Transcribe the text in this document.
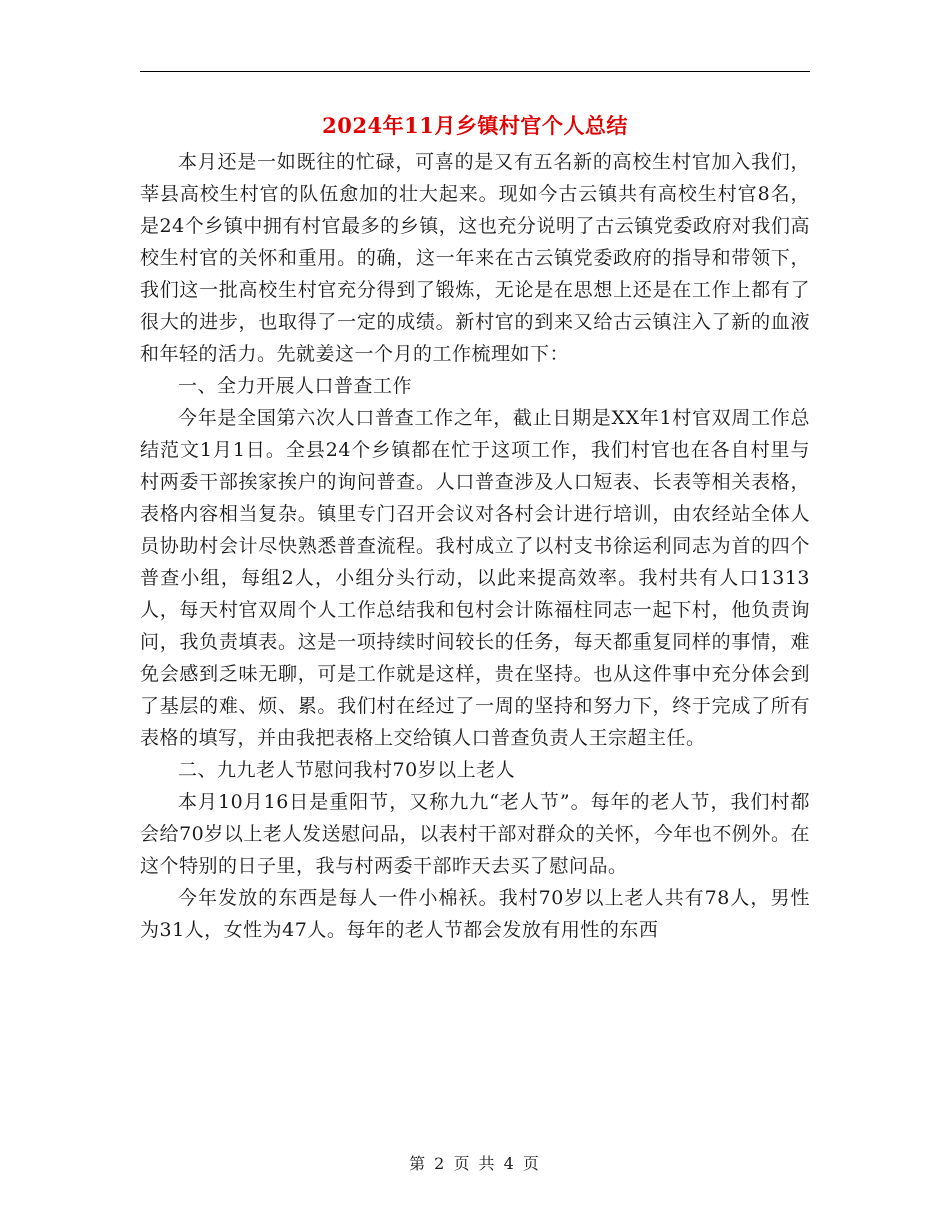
2024年11月乡镇村官个人总结

本月还是一如既往的忙碌，可喜的是又有五名新的高校生村官加入我们，莘县高校生村官的队伍愈加的壮大起来。现如今古云镇共有高校生村官8名，是24个乡镇中拥有村官最多的乡镇，这也充分说明了古云镇党委政府对我们高校生村官的关怀和重用。的确，这一年来在古云镇党委政府的指导和带领下，我们这一批高校生村官充分得到了锻炼，无论是在思想上还是在工作上都有了很大的进步，也取得了一定的成绩。新村官的到来又给古云镇注入了新的血液和年轻的活力。先就姜这一个月的工作梳理如下：

一、全力开展人口普查工作

今年是全国第六次人口普查工作之年，截止日期是XX年1村官双周工作总结范文1月1日。全县24个乡镇都在忙于这项工作，我们村官也在各自村里与村两委干部挨家挨户的询问普查。人口普查涉及人口短表、长表等相关表格，表格内容相当复杂。镇里专门召开会议对各村会计进行培训，由农经站全体人员协助村会计尽快熟悉普查流程。我村成立了以村支书徐运利同志为首的四个普查小组，每组2人，小组分头行动，以此来提高效率。我村共有人口1313人，每天村官双周个人工作总结我和包村会计陈福柱同志一起下村，他负责询问，我负责填表。这是一项持续时间较长的任务，每天都重复同样的事情，难免会感到乏味无聊，可是工作就是这样，贵在坚持。也从这件事中充分体会到了基层的难、烦、累。我们村在经过了一周的坚持和努力下，终于完成了所有表格的填写，并由我把表格上交给镇人口普查负责人王宗超主任。

二、九九老人节慰问我村70岁以上老人

本月10月16日是重阳节，又称九九“老人节”。每年的老人节，我们村都会给70岁以上老人发送慰问品，以表村干部对群众的关怀，今年也不例外。在这个特别的日子里，我与村两委干部昨天去买了慰问品。

今年发放的东西是每人一件小棉袄。我村70岁以上老人共有78人，男性为31人，女性为47人。每年的老人节都会发放有用性的东西

第 2 页 共 4 页
